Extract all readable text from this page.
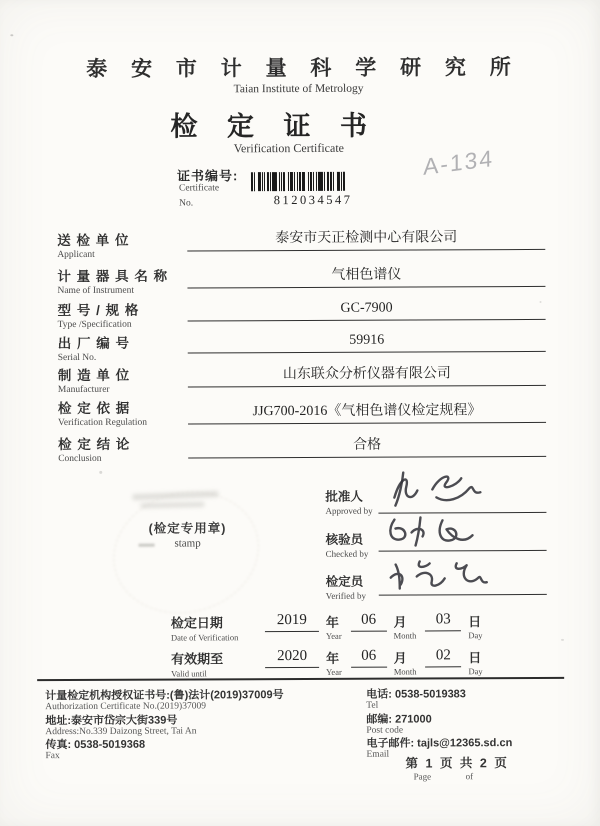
泰 安 市 计 量 科 学 研 究 所
Taian Institute of Metrology
检 定 证 书
Verification Certificate
证书编号:
Certificate
No.	812034547
A-134
送 检 单 位
Applicant
泰安市天正检测中心有限公司
计 量 器 具 名 称
Name of Instrument
气相色谱仪
型 号 / 规 格
Type /Specification
GC-7900
出 厂 编 号
Serial No.
59916
制 造 单 位
Manufacturer
山东联众分析仪器有限公司
检 定 依 据
Verification Regulation
JJG700-2016《气相色谱仪检定规程》
检 定 结 论
Conclusion
合格
(检定专用章)
stamp
批准人
Approved by
核验员
Checked by
检定员
Verified by
检定日期
Date of Verification
2019	年
Year
06	月
Month
03	日
Day
有效期至
Valid until
2020	年
Year
06	月
Month
02	日
Day
计量检定机构授权证书号:(鲁)法计(2019)37009号
Authorization Certificate No.(2019)37009
地址:泰安市岱宗大街339号
Address:No.339 Daizong Street, Tai An
传真: 0538-5019368
Fax
电话: 0538-5019383
Tel
邮编: 271000
Post code
电子邮件: tajls@12365.sd.cn
Email
第 1 页 共 2 页
Page	of
